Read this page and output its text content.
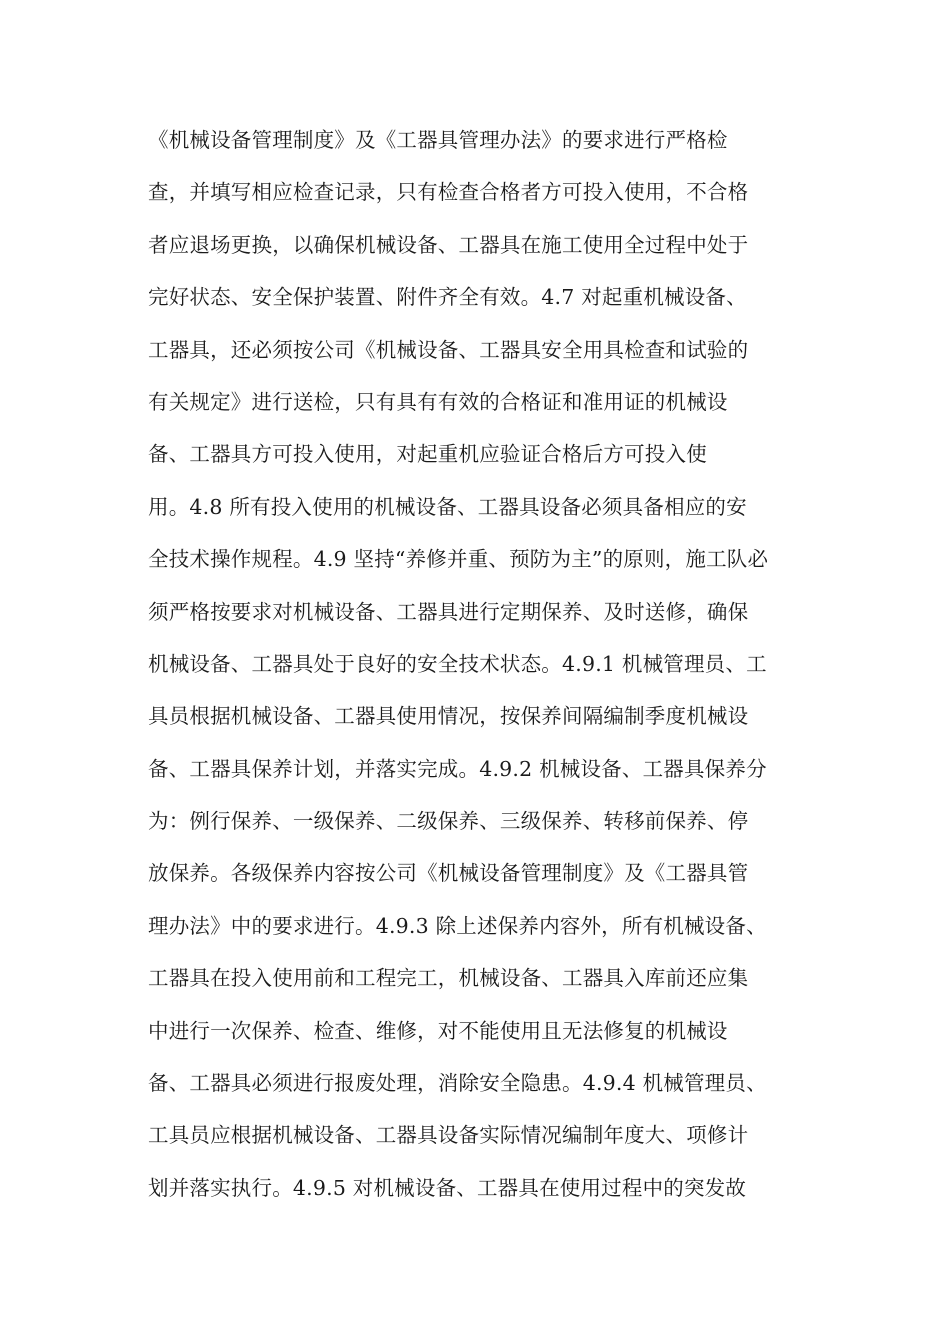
《机械设备管理制度》及《工器具管理办法》的要求进行严格检
查，并填写相应检查记录，只有检查合格者方可投入使用，不合格
者应退场更换，以确保机械设备、工器具在施工使用全过程中处于
完好状态、安全保护装置、附件齐全有效。4.7 对起重机械设备、
工器具，还必须按公司《机械设备、工器具安全用具检查和试验的
有关规定》进行送检，只有具有有效的合格证和准用证的机械设
备、工器具方可投入使用，对起重机应验证合格后方可投入使
用。4.8 所有投入使用的机械设备、工器具设备必须具备相应的安
全技术操作规程。4.9 坚持“养修并重、预防为主”的原则，施工队必
须严格按要求对机械设备、工器具进行定期保养、及时送修，确保
机械设备、工器具处于良好的安全技术状态。4.9.1 机械管理员、工
具员根据机械设备、工器具使用情况，按保养间隔编制季度机械设
备、工器具保养计划，并落实完成。4.9.2 机械设备、工器具保养分
为：例行保养、一级保养、二级保养、三级保养、转移前保养、停
放保养。各级保养内容按公司《机械设备管理制度》及《工器具管
理办法》中的要求进行。4.9.3 除上述保养内容外，所有机械设备、
工器具在投入使用前和工程完工，机械设备、工器具入库前还应集
中进行一次保养、检查、维修，对不能使用且无法修复的机械设
备、工器具必须进行报废处理，消除安全隐患。4.9.4 机械管理员、
工具员应根据机械设备、工器具设备实际情况编制年度大、项修计
划并落实执行。4.9.5 对机械设备、工器具在使用过程中的突发故
